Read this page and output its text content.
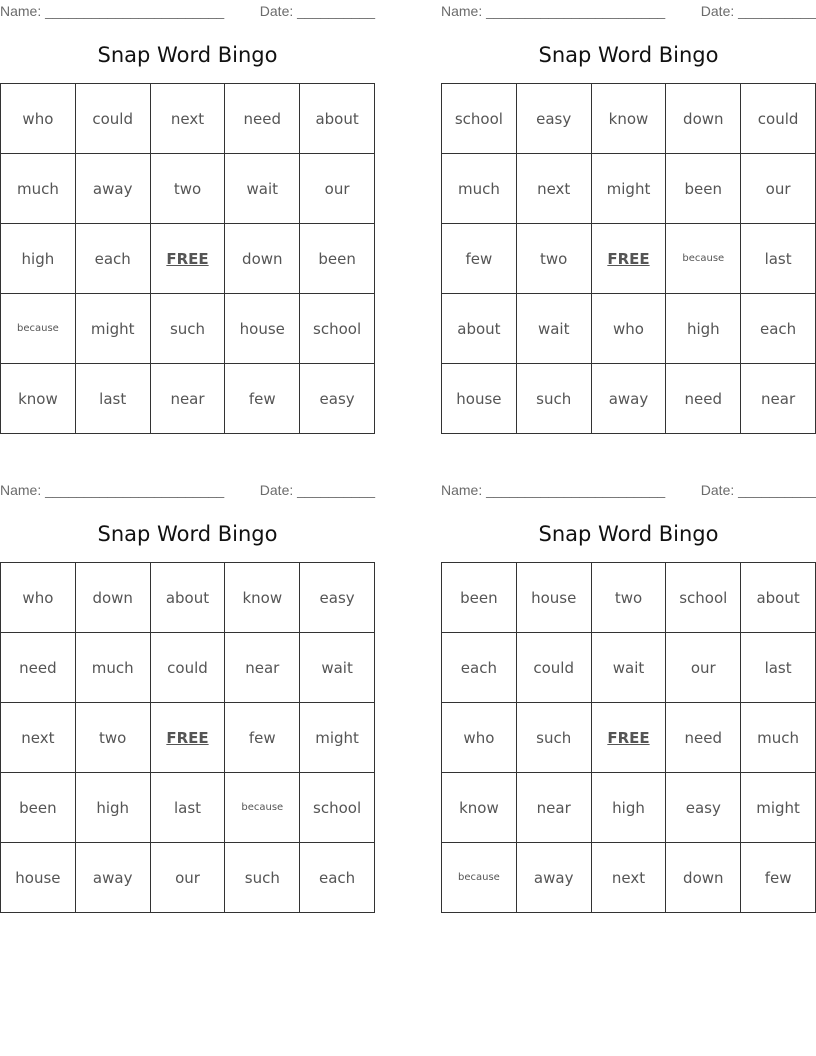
Name: _______________________	Date: __________
Snap Word Bingo
who	could	next	need	about
much	away	two	wait	our
high	each	FREE	down	been
because	might	such	house	school
know	last	near	few	easy
Name: _______________________	Date: __________
Snap Word Bingo
school	easy	know	down	could
much	next	might	been	our
few	two	FREE	because	last
about	wait	who	high	each
house	such	away	need	near
Name: _______________________	Date: __________
Snap Word Bingo
who	down	about	know	easy
need	much	could	near	wait
next	two	FREE	few	might
been	high	last	because	school
house	away	our	such	each
Name: _______________________	Date: __________
Snap Word Bingo
been	house	two	school	about
each	could	wait	our	last
who	such	FREE	need	much
know	near	high	easy	might
because	away	next	down	few
